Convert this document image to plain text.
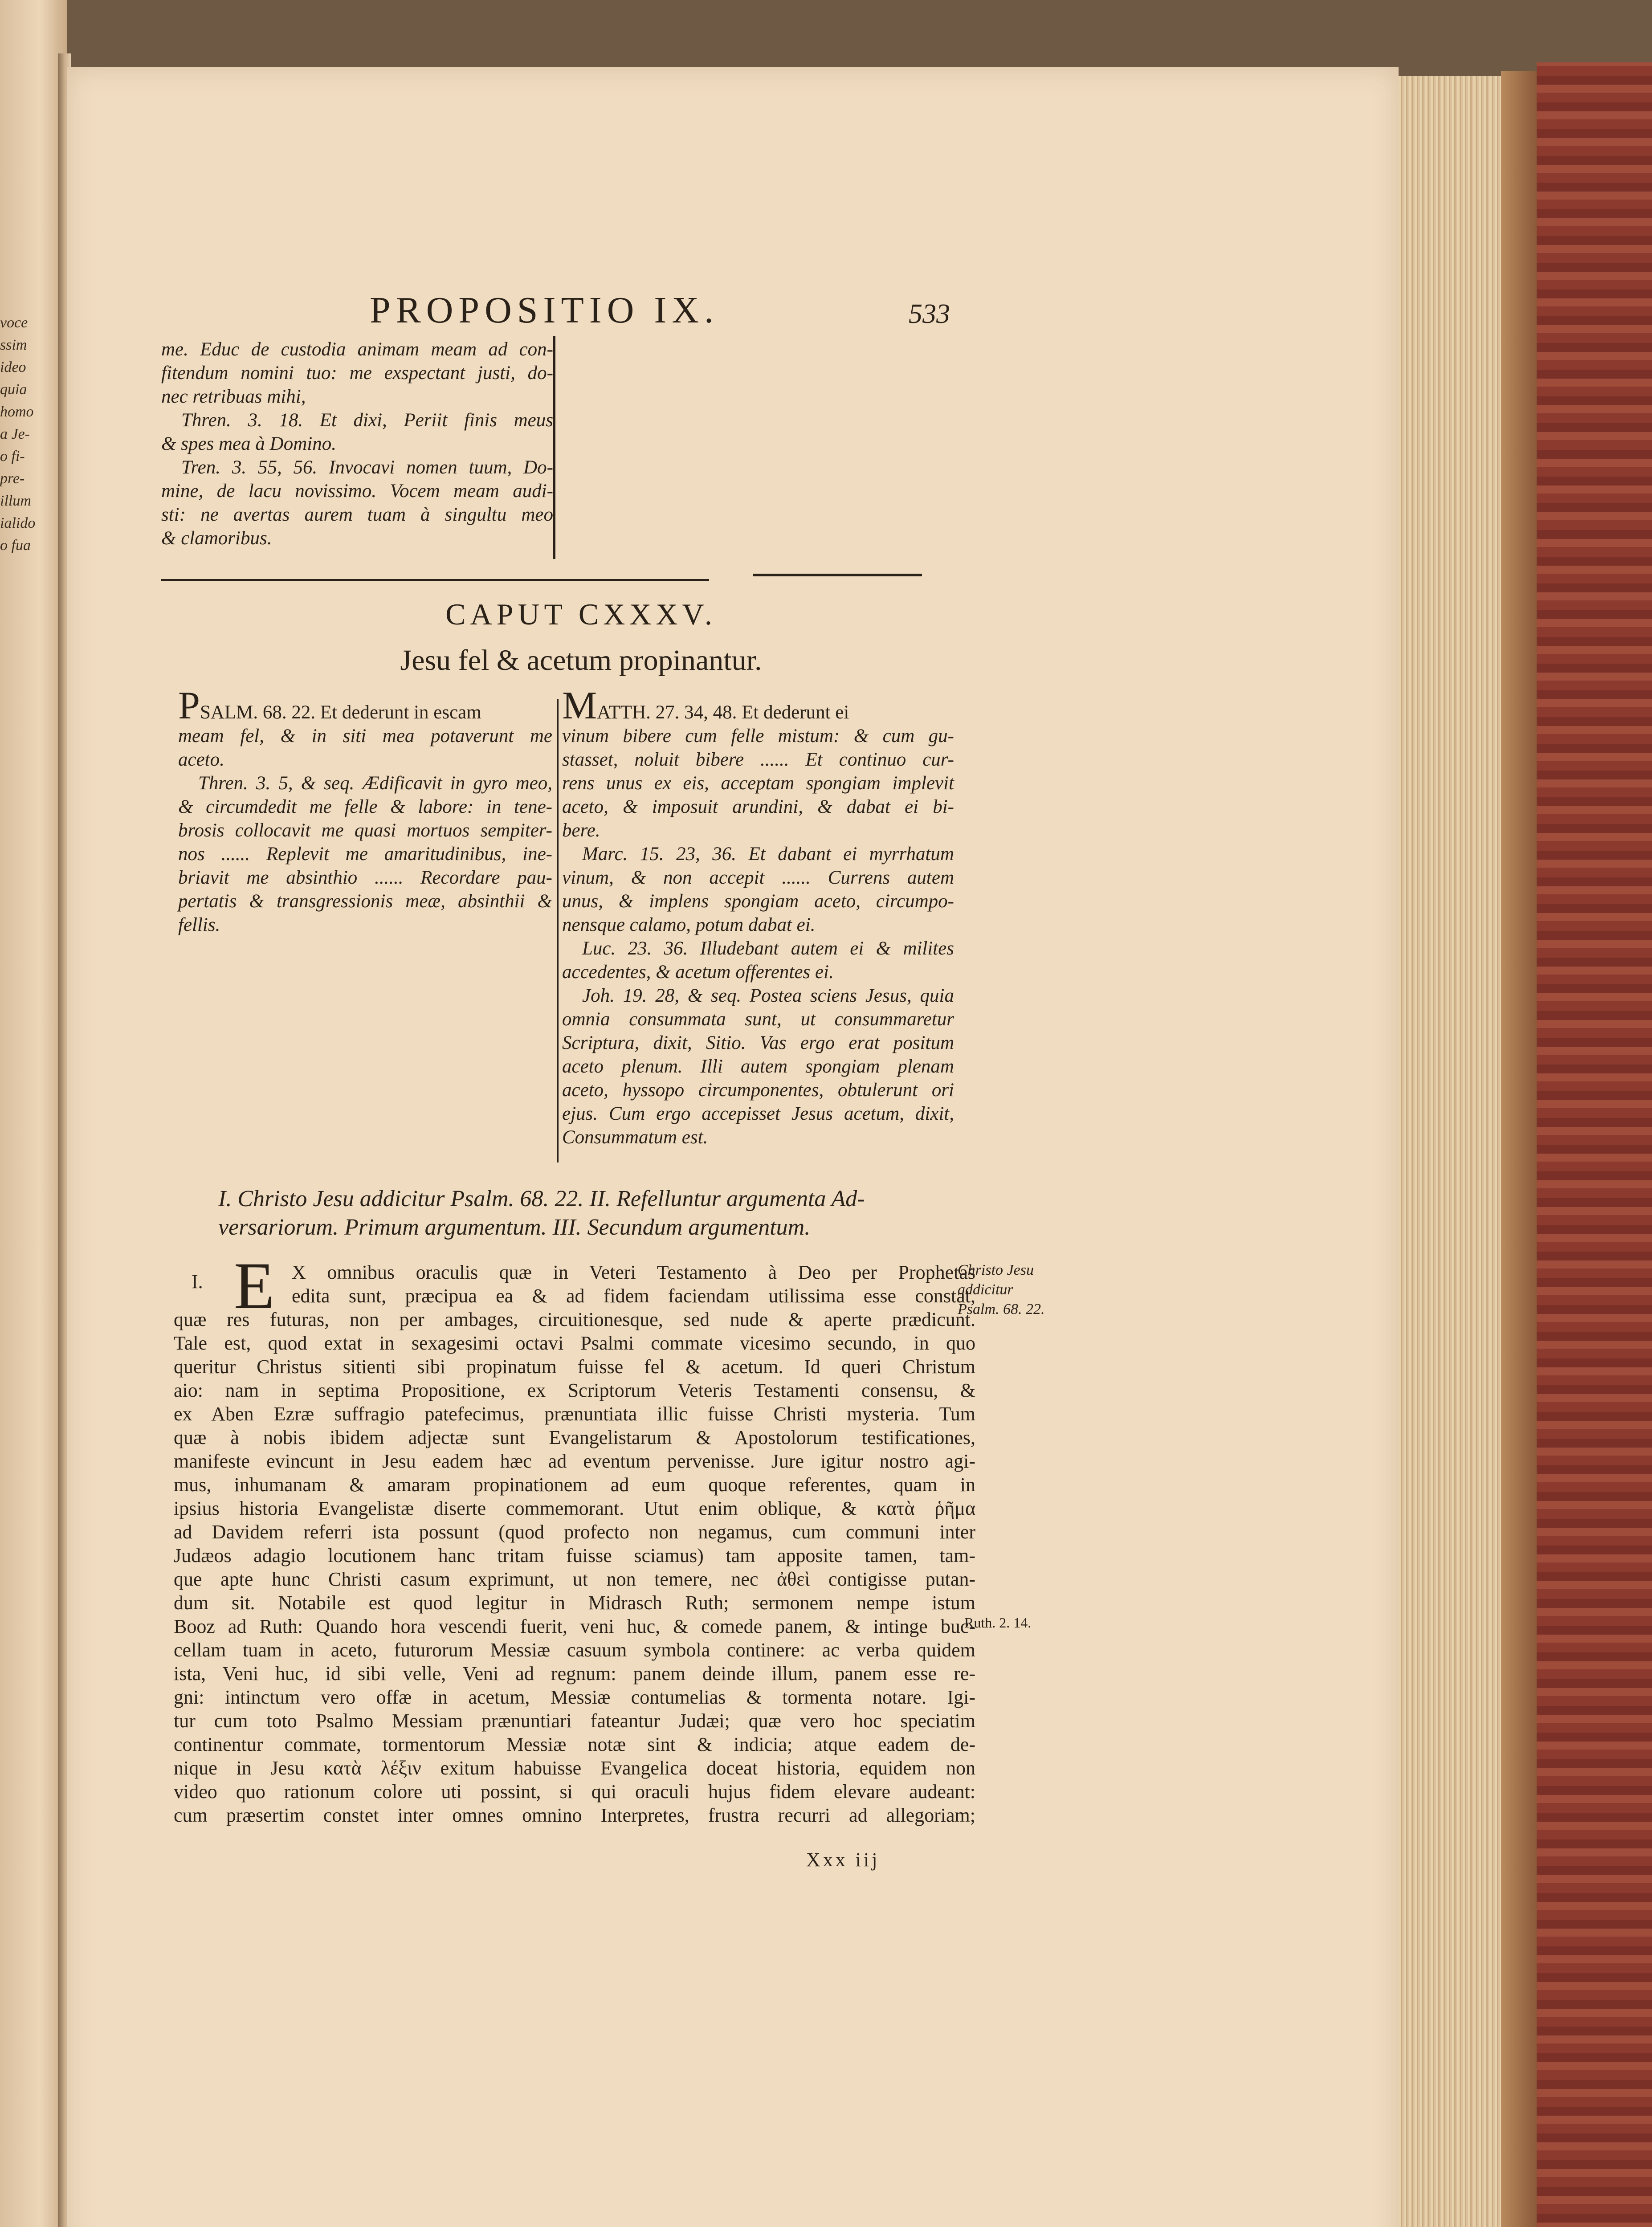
voce
ssim
ideo
quia
homo
a Je-
o fi-
pre-
illum
ialido
o fua
PROPOSITIO IX.	533
me. Educ de custodia animam meam ad con-
fitendum nomini tuo: me exspectant justi, do-
nec retribuas mihi,
Thren. 3. 18. Et dixi, Periit finis meus
& spes mea à Domino.
Tren. 3. 55, 56. Invocavi nomen tuum, Do-
mine, de lacu novissimo. Vocem meam audi-
sti: ne avertas aurem tuam à singultu meo
& clamoribus.
CAPUT CXXXV.
Jesu fel & acetum propinantur.
PSALM. 68. 22. Et dederunt in escam
meam fel, & in siti mea potaverunt me
aceto.
Thren. 3. 5, & seq. Ædificavit in gyro meo,
& circumdedit me felle & labore: in tene-
brosis collocavit me quasi mortuos sempiter-
nos ...... Replevit me amaritudinibus, ine-
briavit me absinthio ...... Recordare pau-
pertatis & transgressionis meæ, absinthii &
fellis.
MATTH. 27. 34, 48. Et dederunt ei
vinum bibere cum felle mistum: & cum gu-
stasset, noluit bibere ...... Et continuo cur-
rens unus ex eis, acceptam spongiam implevit
aceto, & imposuit arundini, & dabat ei bi-
bere.
Marc. 15. 23, 36. Et dabant ei myrrhatum
vinum, & non accepit ...... Currens autem
unus, & implens spongiam aceto, circumpo-
nensque calamo, potum dabat ei.
Luc. 23. 36. Illudebant autem ei & milites
accedentes, & acetum offerentes ei.
Joh. 19. 28, & seq. Postea sciens Jesus, quia
omnia consummata sunt, ut consummaretur
Scriptura, dixit, Sitio. Vas ergo erat positum
aceto plenum. Illi autem spongiam plenam
aceto, hyssopo circumponentes, obtulerunt ori
ejus. Cum ergo accepisset Jesus acetum, dixit,
Consummatum est.
I. Christo Jesu addicitur Psalm. 68. 22. II. Refelluntur argumenta Ad-
versariorum. Primum argumentum. III. Secundum argumentum.
I. E X omnibus oraculis quæ in Veteri Testamento à Deo per Prophetas
edita sunt, præcipua ea & ad fidem faciendam utilissima esse constat,
quæ res futuras, non per ambages, circuitionesque, sed nude & aperte prædicunt.
Tale est, quod extat in sexagesimi octavi Psalmi commate vicesimo secundo, in quo
queritur Christus sitienti sibi propinatum fuisse fel & acetum. Id queri Christum
aio: nam in septima Propositione, ex Scriptorum Veteris Testamenti consensu, &
ex Aben Ezræ suffragio patefecimus, prænuntiata illic fuisse Christi mysteria. Tum
quæ à nobis ibidem adjectæ sunt Evangelistarum & Apostolorum testificationes,
manifeste evincunt in Jesu eadem hæc ad eventum pervenisse. Jure igitur nostro agi-
mus, inhumanam & amaram propinationem ad eum quoque referentes, quam in
ipsius historia Evangelistæ diserte commemorant. Utut enim oblique, & κατὰ ῥῆμα
ad Davidem referri ista possunt (quod profecto non negamus, cum communi inter
Judæos adagio locutionem hanc tritam fuisse sciamus) tam apposite tamen, tam-
que apte hunc Christi casum exprimunt, ut non temere, nec ἀθεὶ contigisse putan-
dum sit. Notabile est quod legitur in Midrasch Ruth; sermonem nempe istum
Booz ad Ruth: Quando hora vescendi fuerit, veni huc, & comede panem, & intinge buc-
cellam tuam in aceto, futurorum Messiæ casuum symbola continere: ac verba quidem
ista, Veni huc, id sibi velle, Veni ad regnum: panem deinde illum, panem esse re-
gni: intinctum vero offæ in acetum, Messiæ contumelias & tormenta notare. Igi-
tur cum toto Psalmo Messiam prænuntiari fateantur Judæi; quæ vero hoc speciatim
continentur commate, tormentorum Messiæ notæ sint & indicia; atque eadem de-
nique in Jesu κατὰ λέξιν exitum habuisse Evangelica doceat historia, equidem non
video quo rationum colore uti possint, si qui oraculi hujus fidem elevare audeant:
cum præsertim constet inter omnes omnino Interpretes, frustra recurri ad allegoriam;
Christo Jesu
addicitur
Psalm. 68. 22.
Ruth. 2. 14.
Xxx iij
